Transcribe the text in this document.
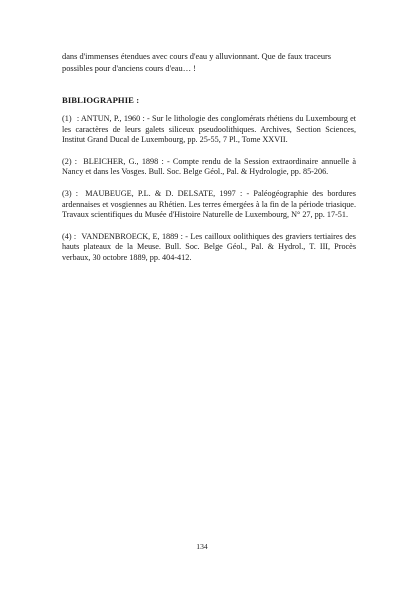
dans d'immenses étendues avec cours d'eau y alluvionnant. Que de faux traceurs possibles pour d'anciens cours d'eau… !

BIBLIOGRAPHIE :

(1) : ANTUN, P., 1960 : - Sur le lithologie des conglomérats rhétiens du Luxembourg et les caractères de leurs galets siliceux pseudoolithiques. Archives, Section Sciences, Institut Grand Ducal de Luxembourg, pp. 25-55, 7 Pl., Tome XXVII.

(2) : BLEICHER, G., 1898 : - Compte rendu de la Session extraordinaire annuelle à Nancy et dans les Vosges. Bull. Soc. Belge Géol., Pal. & Hydrologie, pp. 85-206.

(3) : MAUBEUGE, P.L. & D. DELSATE, 1997 : - Paléogéographie des bordures ardennaises et vosgiennes au Rhétien. Les terres émergées à la fin de la période triasique. Travaux scientifiques du Musée d'Histoire Naturelle de Luxembourg, N° 27, pp. 17-51.

(4) : VANDENBROECK, E, 1889 : - Les cailloux oolithiques des graviers tertiaires des hauts plateaux de la Meuse. Bull. Soc. Belge Géol., Pal. & Hydrol., T. III, Procès verbaux, 30 octobre 1889, pp. 404-412.

134
